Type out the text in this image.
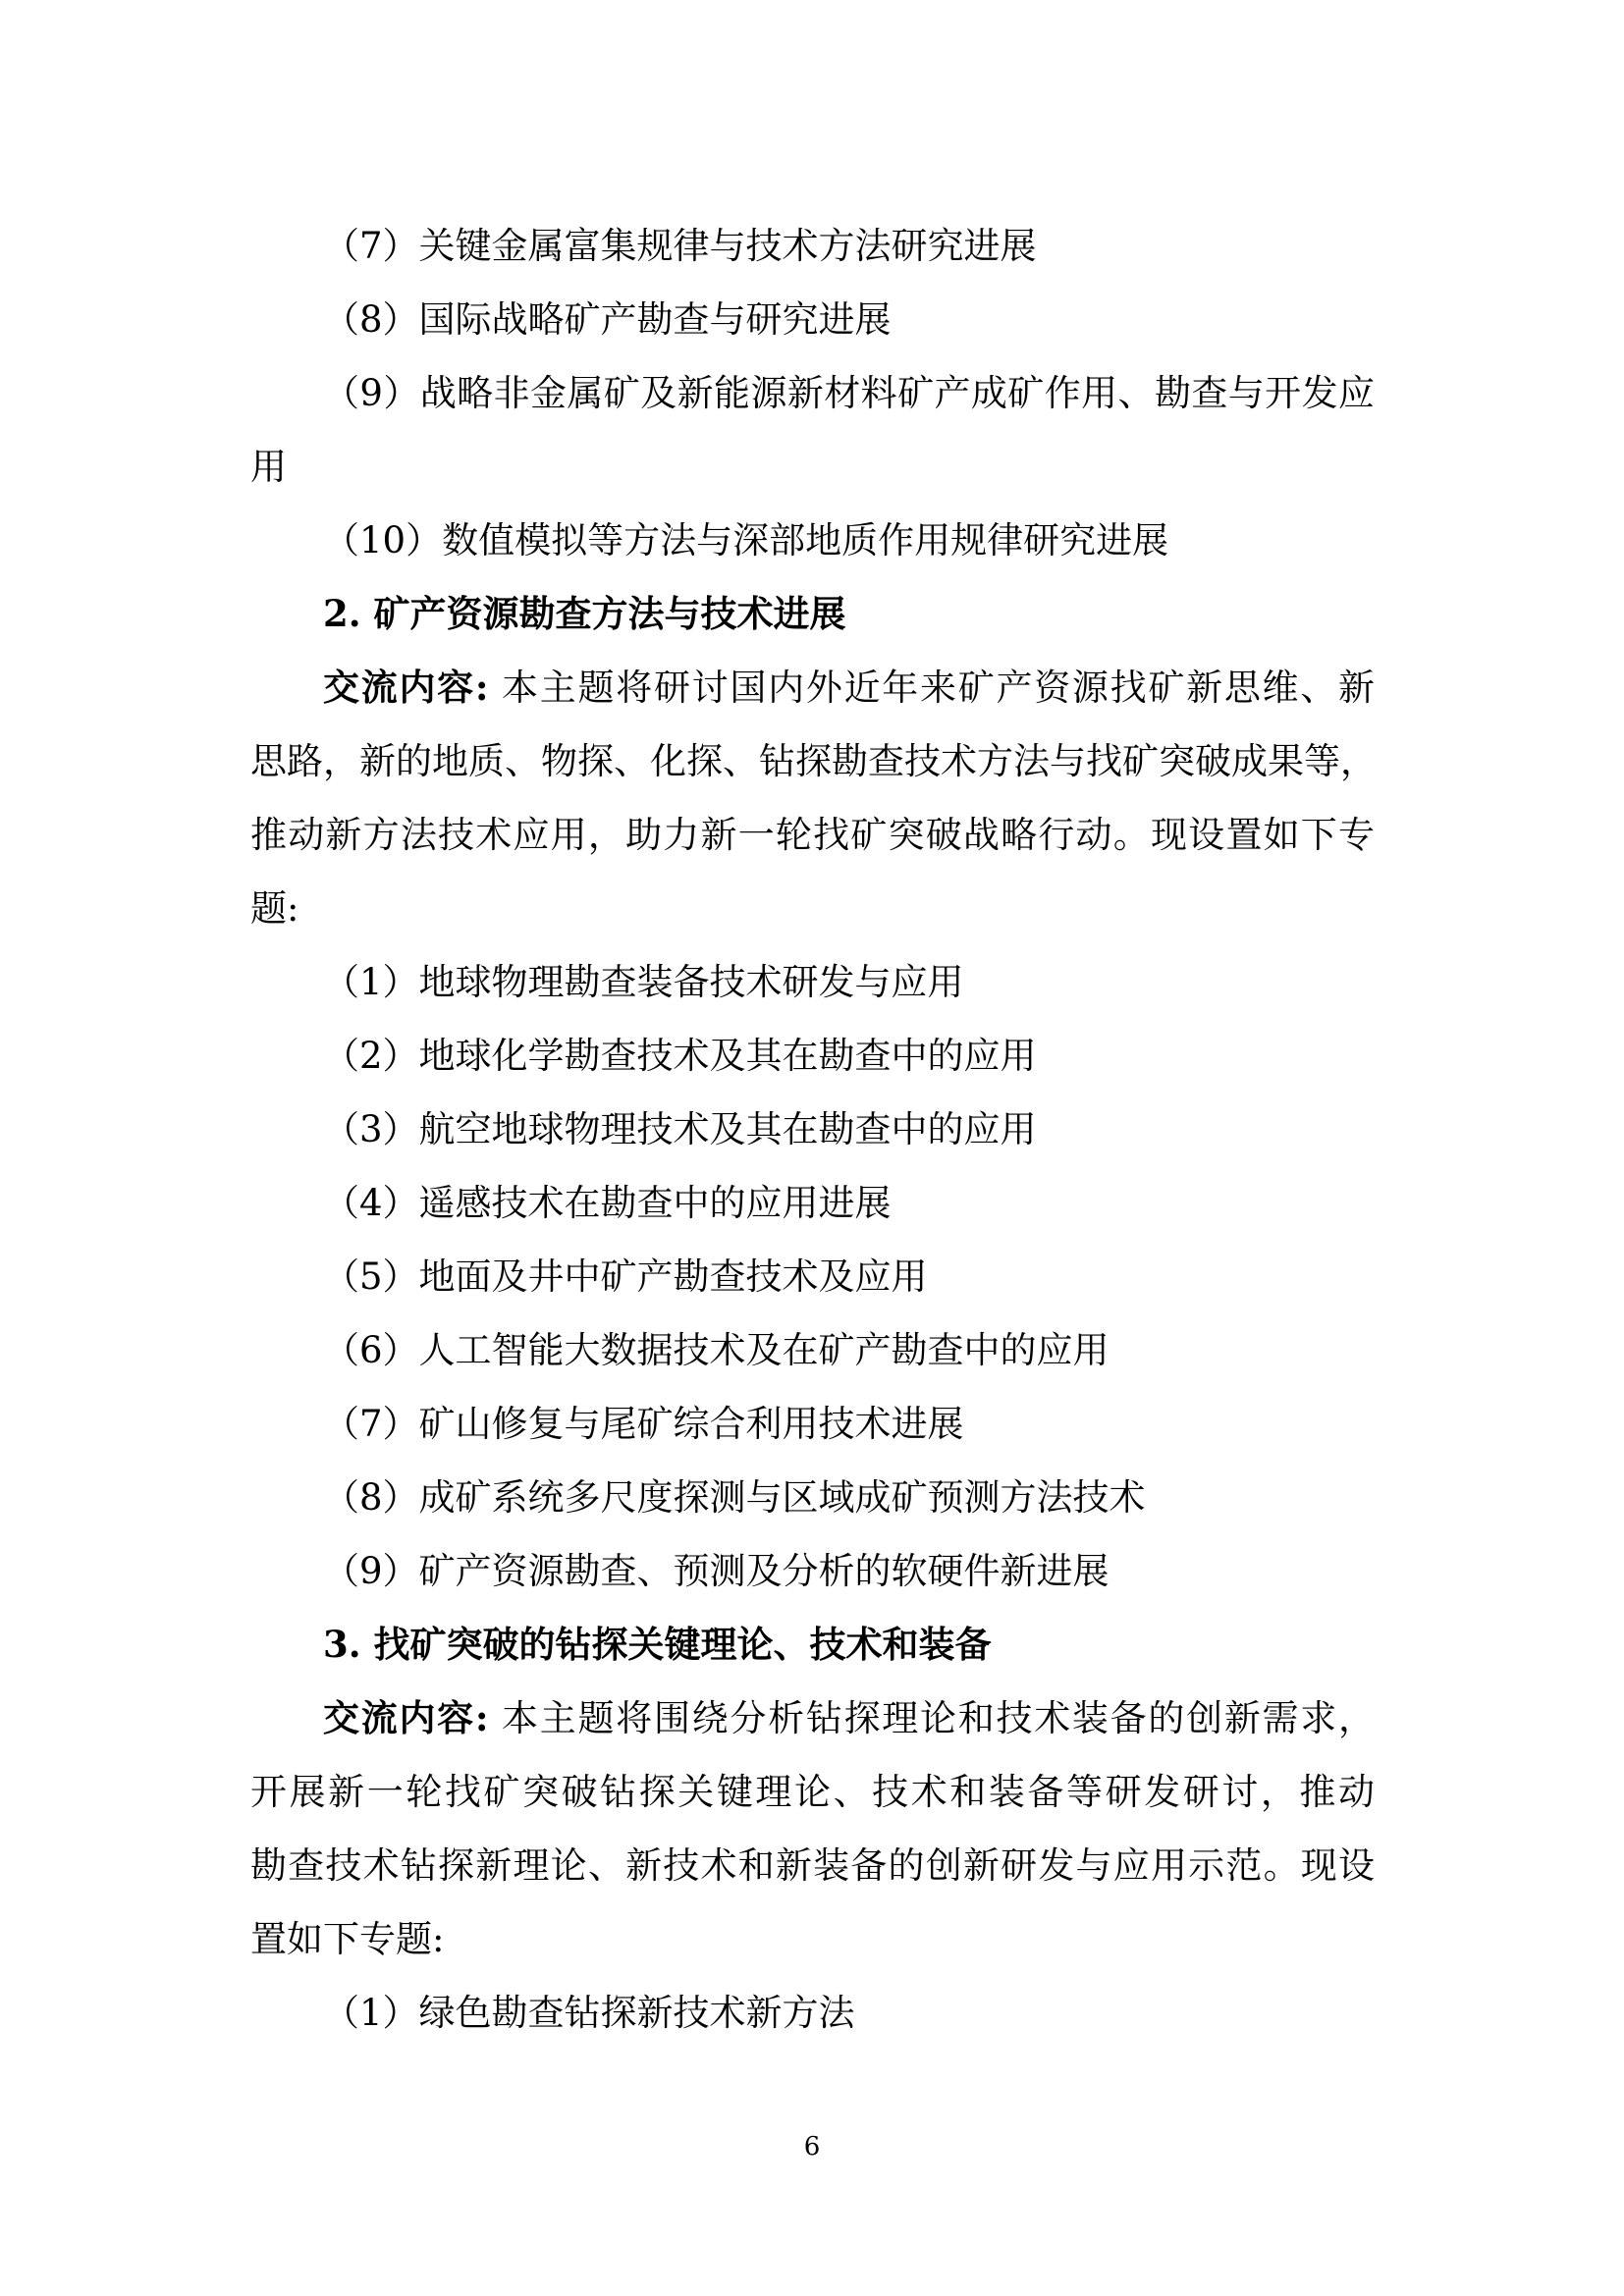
（7）关键金属富集规律与技术方法研究进展
（8）国际战略矿产勘查与研究进展
（9）战略非金属矿及新能源新材料矿产成矿作用、勘查与开发应
用
（10）数值模拟等方法与深部地质作用规律研究进展
2. 矿产资源勘查方法与技术进展
交流内容: 本主题将研讨国内外近年来矿产资源找矿新思维、新
思路，新的地质、物探、化探、钻探勘查技术方法与找矿突破成果等，
推动新方法技术应用，助力新一轮找矿突破战略行动。现设置如下专
题:
（1）地球物理勘查装备技术研发与应用
（2）地球化学勘查技术及其在勘查中的应用
（3）航空地球物理技术及其在勘查中的应用
（4）遥感技术在勘查中的应用进展
（5）地面及井中矿产勘查技术及应用
（6）人工智能大数据技术及在矿产勘查中的应用
（7）矿山修复与尾矿综合利用技术进展
（8）成矿系统多尺度探测与区域成矿预测方法技术
（9）矿产资源勘查、预测及分析的软硬件新进展
3. 找矿突破的钻探关键理论、技术和装备
交流内容: 本主题将围绕分析钻探理论和技术装备的创新需求，
开展新一轮找矿突破钻探关键理论、技术和装备等研发研讨，推动
勘查技术钻探新理论、新技术和新装备的创新研发与应用示范。现设
置如下专题:
（1）绿色勘查钻探新技术新方法
6
